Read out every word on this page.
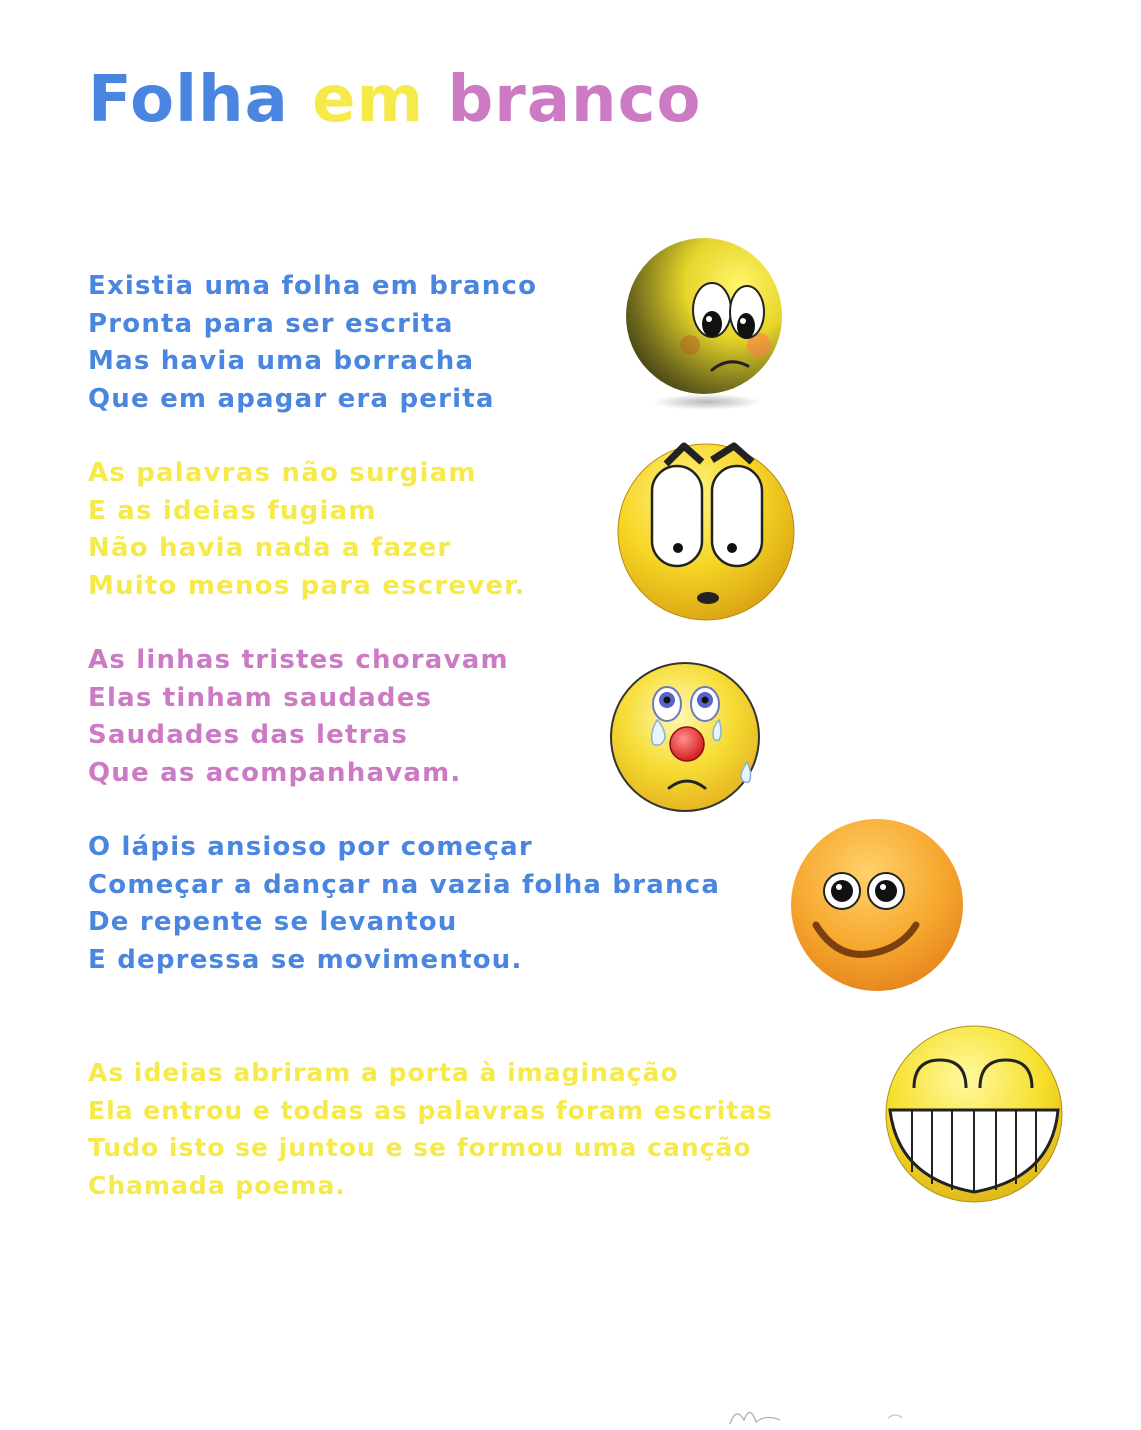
Folha em branco
Existia uma folha em branco
Pronta para ser escrita
Mas havia uma borracha
Que em apagar era perita
As palavras não surgiam
E as ideias fugiam
Não havia nada a fazer
Muito menos para escrever.
As linhas tristes choravam
Elas tinham saudades
Saudades das letras
Que as acompanhavam.
O lápis ansioso por começar
Começar a dançar na vazia folha branca
De repente se levantou
E depressa se movimentou.
As ideias abriram a porta à imaginação
Ela entrou e todas as palavras foram escritas
Tudo isto se juntou e se formou uma canção
Chamada poema.
